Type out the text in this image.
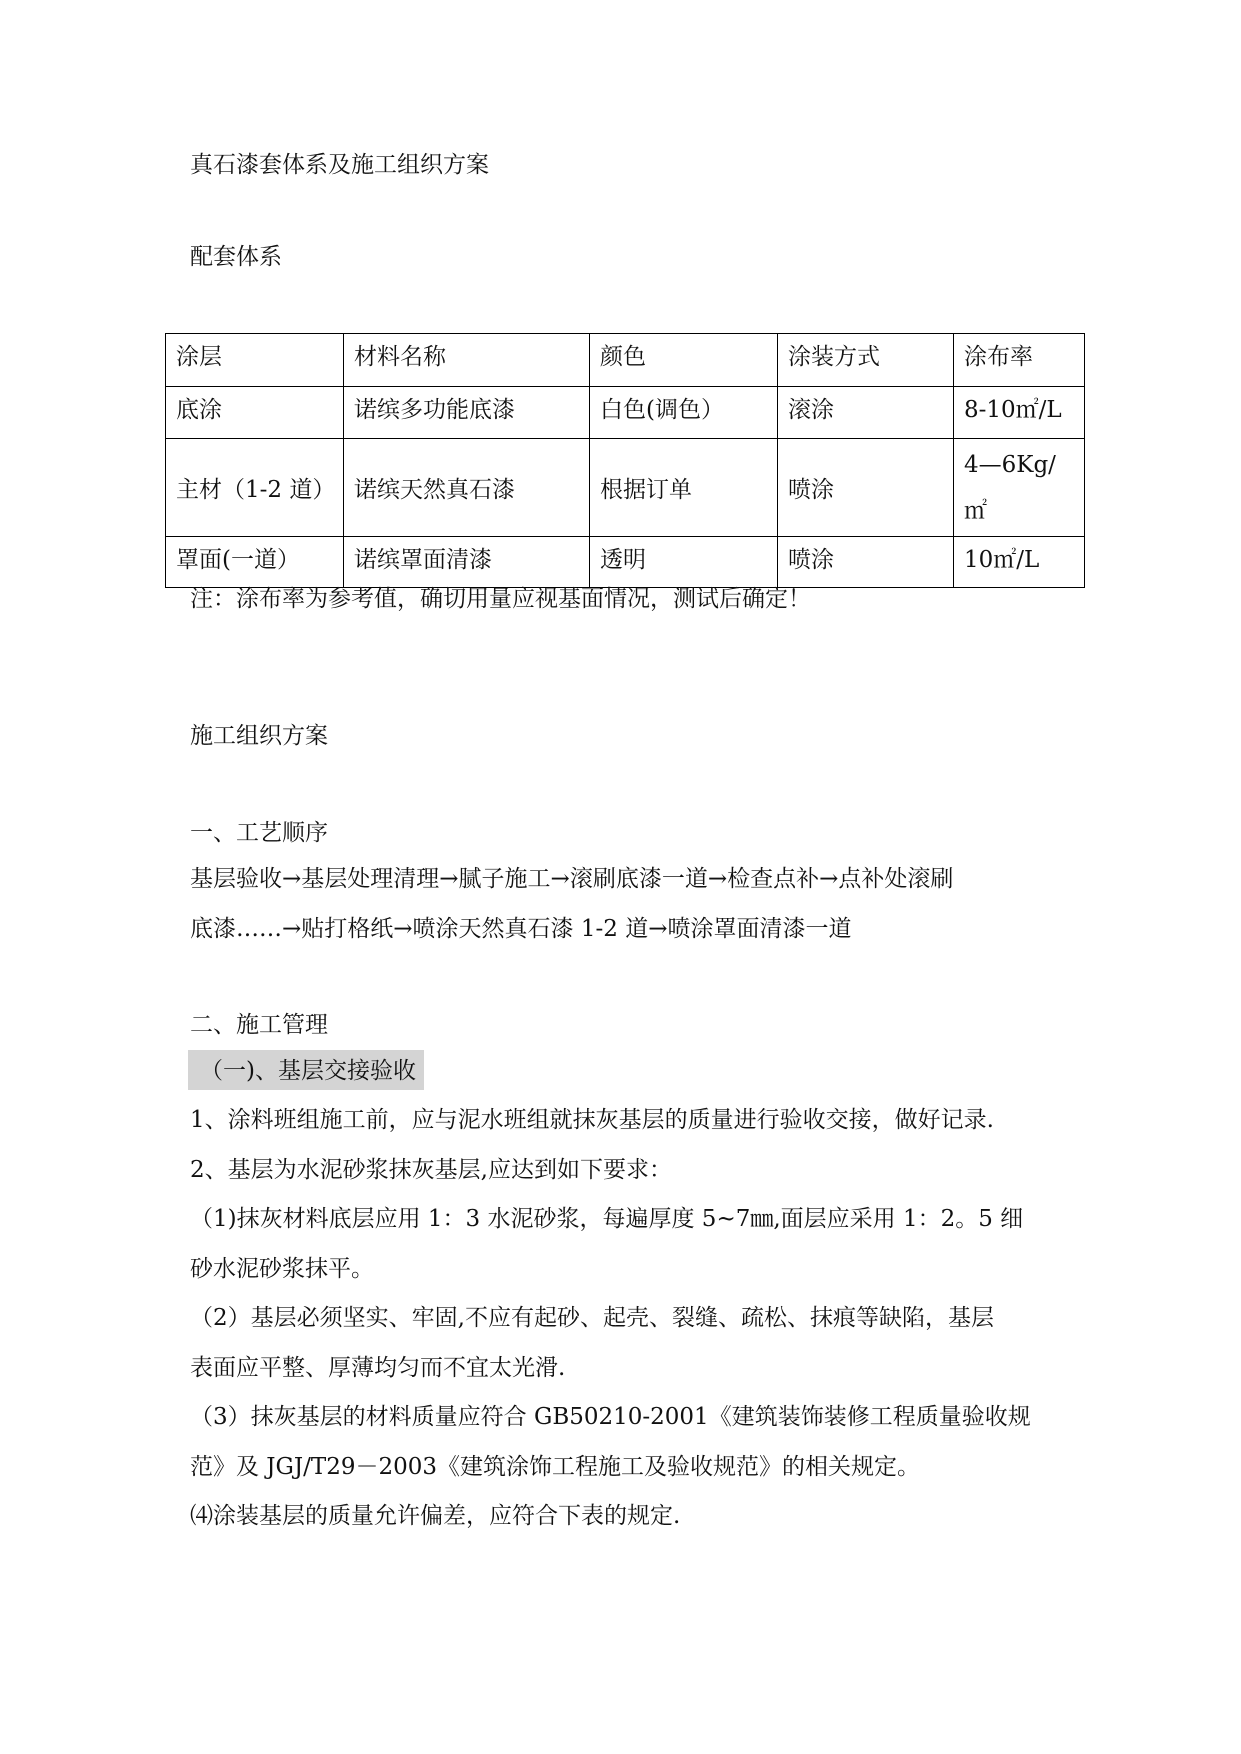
真石漆套体系及施工组织方案
配套体系
涂层	材料名称	颜色	涂装方式	涂布率
底涂	诺缤多功能底漆	白色(调色）	滚涂	8-10㎡/L
主材（1-2 道）	诺缤天然真石漆	根据订单	喷涂	4—6Kg/㎡
罩面(一道）	诺缤罩面清漆	透明	喷涂	10㎡/L
注：涂布率为参考值，确切用量应视基面情况，测试后确定！
施工组织方案
一、工艺顺序
基层验收→基层处理清理→腻子施工→滚刷底漆一道→检查点补→点补处滚刷
底漆……→贴打格纸→喷涂天然真石漆 1-2 道→喷涂罩面清漆一道
二、施工管理
（一)、基层交接验收
1、涂料班组施工前，应与泥水班组就抹灰基层的质量进行验收交接，做好记录.
2、基层为水泥砂浆抹灰基层,应达到如下要求：
（1)抹灰材料底层应用 1：3 水泥砂浆，每遍厚度 5~7㎜,面层应采用 1：2。5 细
砂水泥砂浆抹平。
（2）基层必须坚实、牢固,不应有起砂、起壳、裂缝、疏松、抹痕等缺陷，基层
表面应平整、厚薄均匀而不宜太光滑.
（3）抹灰基层的材料质量应符合 GB50210-2001《建筑装饰装修工程质量验收规
范》及 JGJ/T29－2003《建筑涂饰工程施工及验收规范》的相关规定。
⑷涂装基层的质量允许偏差，应符合下表的规定.
